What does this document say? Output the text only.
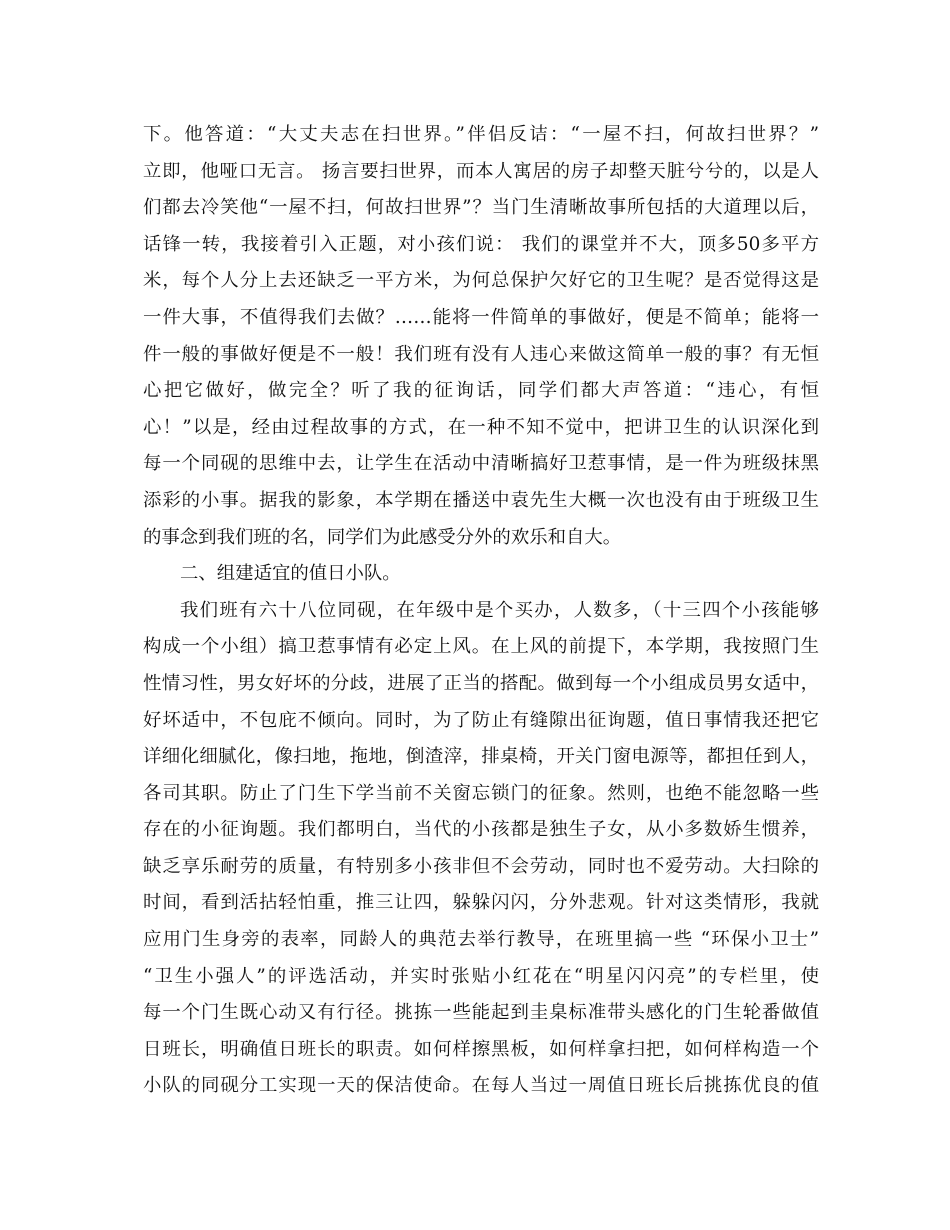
下。他答道：“大丈夫志在扫世界。”伴侣反诘：“一屋不扫，何故扫世界？”
立即，他哑口无言。 扬言要扫世界，而本人寓居的房子却整天脏兮兮的，以是人
们都去冷笑他“一屋不扫，何故扫世界”？当门生清晰故事所包括的大道理以后，
话锋一转，我接着引入正题，对小孩们说： 我们的课堂并不大，顶多50多平方
米，每个人分上去还缺乏一平方米，为何总保护欠好它的卫生呢？是否觉得这是
一件大事，不值得我们去做？……能将一件简单的事做好，便是不简单；能将一
件一般的事做好便是不一般！我们班有没有人违心来做这简单一般的事？有无恒
心把它做好，做完全？听了我的征询话，同学们都大声答道：“违心，有恒
心！”以是，经由过程故事的方式，在一种不知不觉中，把讲卫生的认识深化到
每一个同砚的思维中去，让学生在活动中清晰搞好卫惹事情，是一件为班级抹黑
添彩的小事。据我的影象，本学期在播送中袁先生大概一次也没有由于班级卫生
的事念到我们班的名，同学们为此感受分外的欢乐和自大。
二、组建适宜的值日小队。
我们班有六十八位同砚，在年级中是个买办，人数多，（十三四个小孩能够
构成一个小组）搞卫惹事情有必定上风。在上风的前提下，本学期，我按照门生
性情习性，男女好坏的分歧，进展了正当的搭配。做到每一个小组成员男女适中，
好坏适中，不包庇不倾向。同时，为了防止有缝隙出征询题，值日事情我还把它
详细化细腻化，像扫地，拖地，倒渣滓，排桌椅，开关门窗电源等，都担任到人，
各司其职。防止了门生下学当前不关窗忘锁门的征象。然则，也绝不能忽略一些
存在的小征询题。我们都明白，当代的小孩都是独生子女，从小多数娇生惯养，
缺乏享乐耐劳的质量，有特别多小孩非但不会劳动，同时也不爱劳动。大扫除的
时间，看到活拈轻怕重，推三让四，躲躲闪闪，分外悲观。针对这类情形，我就
应用门生身旁的表率，同龄人的典范去举行教导，在班里搞一些 “环保小卫士”
“卫生小强人”的评选活动，并实时张贴小红花在“明星闪闪亮”的专栏里，使
每一个门生既心动又有行径。挑拣一些能起到圭臬标准带头感化的门生轮番做值
日班长，明确值日班长的职责。如何样擦黑板，如何样拿扫把，如何样构造一个
小队的同砚分工实现一天的保洁使命。在每人当过一周值日班长后挑拣优良的值
